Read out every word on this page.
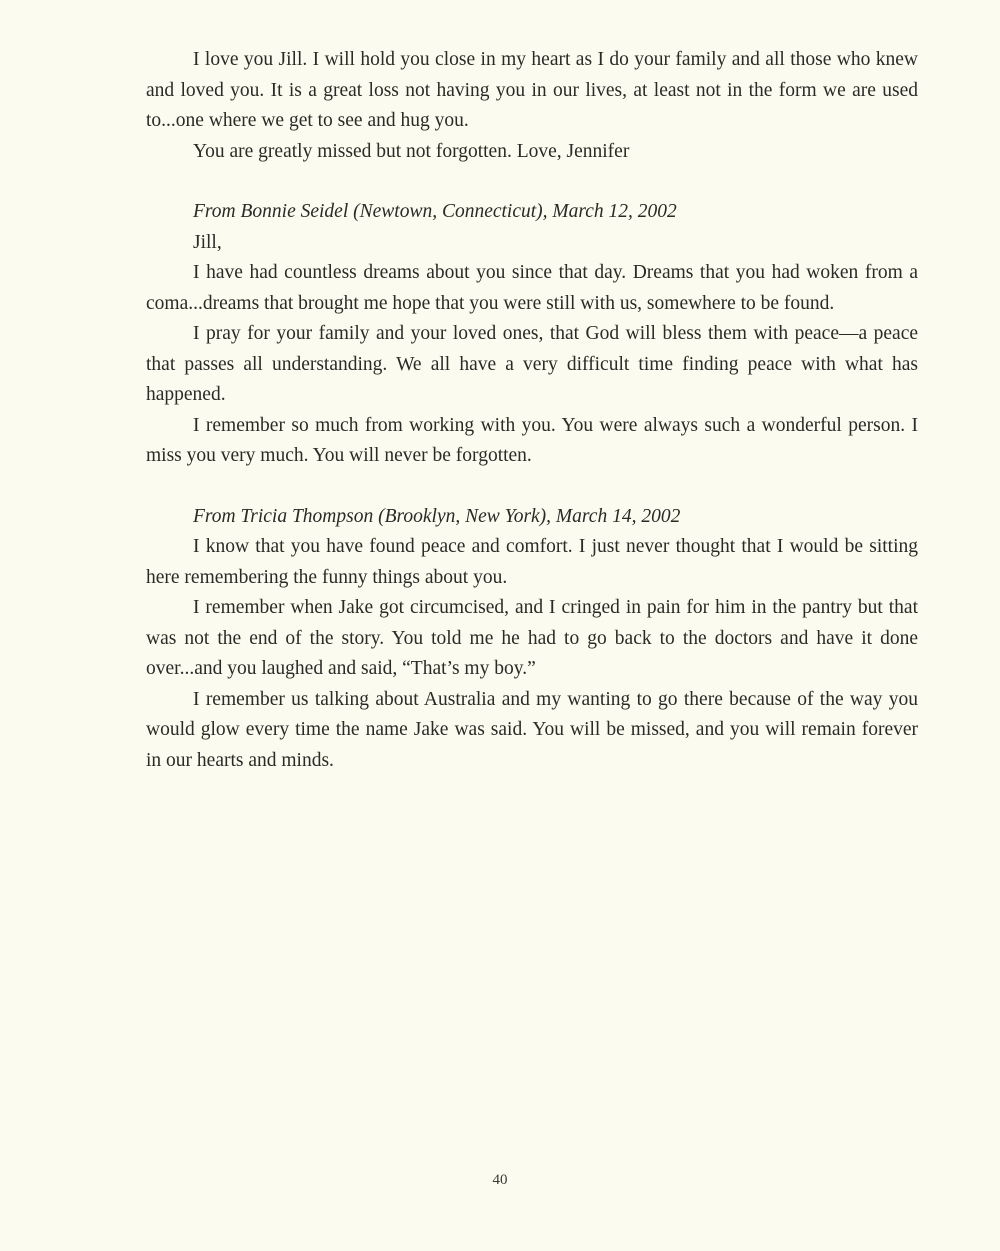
I love you Jill. I will hold you close in my heart as I do your family and all those who knew and loved you. It is a great loss not having you in our lives, at least not in the form we are used to...one where we get to see and hug you.

You are greatly missed but not forgotten. Love, Jennifer

From Bonnie Seidel (Newtown, Connecticut), March 12, 2002

Jill,

I have had countless dreams about you since that day. Dreams that you had woken from a coma...dreams that brought me hope that you were still with us, somewhere to be found.

I pray for your family and your loved ones, that God will bless them with peace—a peace that passes all understanding. We all have a very difficult time finding peace with what has happened.

I remember so much from working with you. You were always such a wonderful person. I miss you very much. You will never be forgotten.

From Tricia Thompson (Brooklyn, New York), March 14, 2002

I know that you have found peace and comfort. I just never thought that I would be sitting here remembering the funny things about you.

I remember when Jake got circumcised, and I cringed in pain for him in the pantry but that was not the end of the story. You told me he had to go back to the doctors and have it done over...and you laughed and said, “That’s my boy.”

I remember us talking about Australia and my wanting to go there because of the way you would glow every time the name Jake was said. You will be missed, and you will remain forever in our hearts and minds.

40
